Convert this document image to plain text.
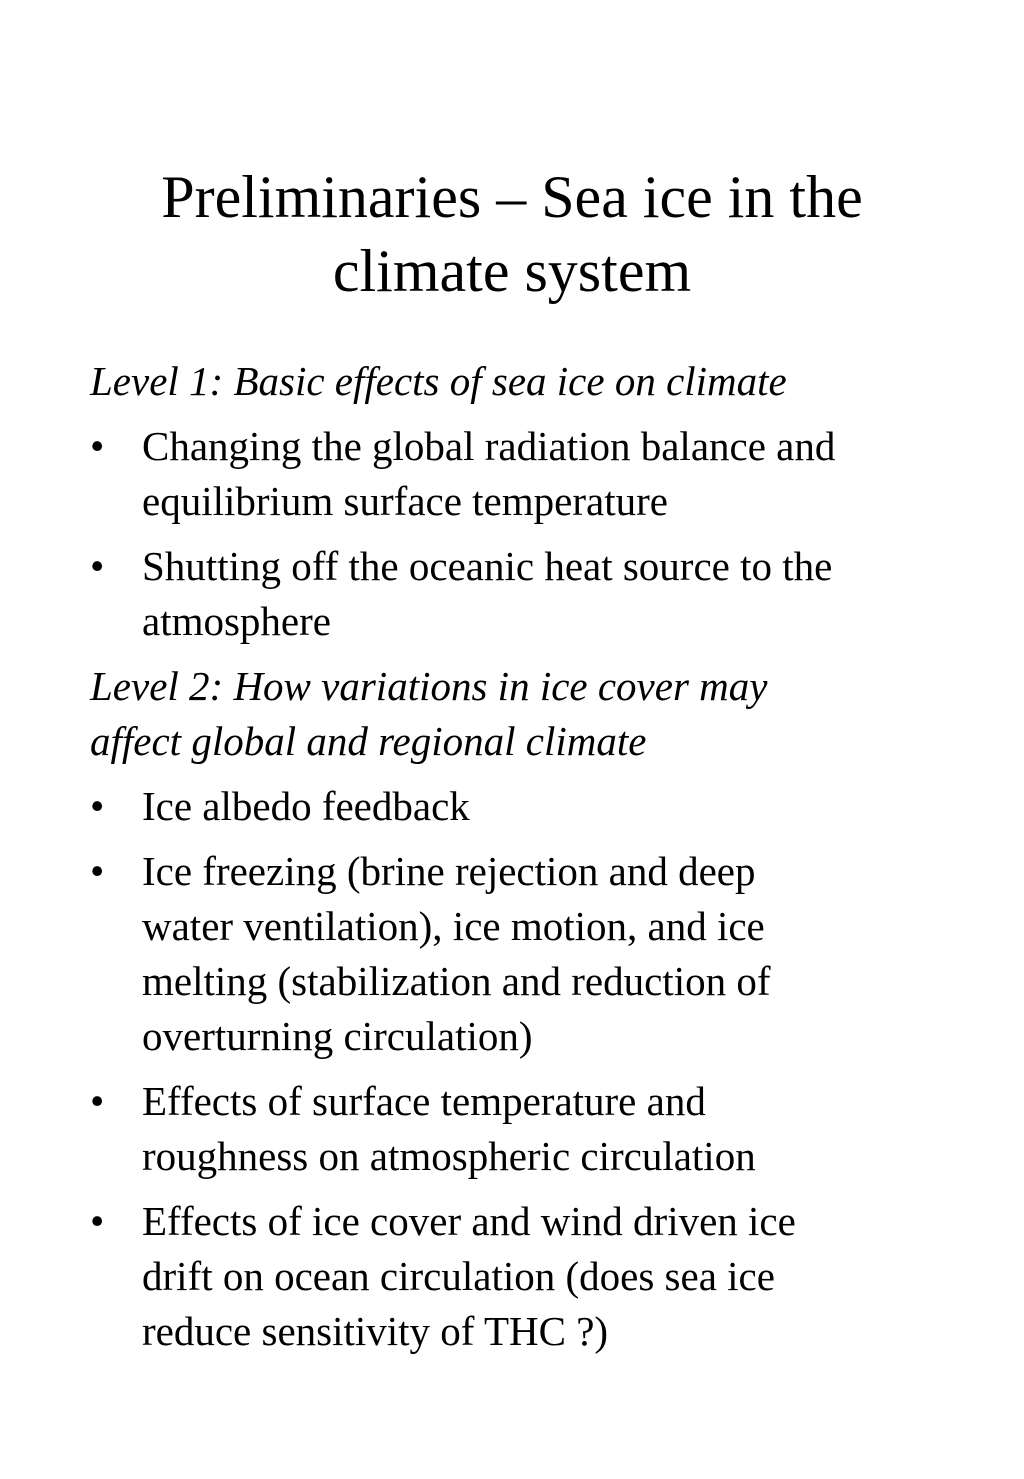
Preliminaries – Sea ice in the
climate system
Level 1: Basic effects of sea ice on climate
• Changing the global radiation balance and
equilibrium surface temperature
• Shutting off the oceanic heat source to the
atmosphere
Level 2: How variations in ice cover may
affect global and regional climate
• Ice albedo feedback
• Ice freezing (brine rejection and deep
water ventilation), ice motion, and ice
melting (stabilization and reduction of
overturning circulation)
• Effects of surface temperature and
roughness on atmospheric circulation
• Effects of ice cover and wind driven ice
drift on ocean circulation (does sea ice
reduce sensitivity of THC ?)
